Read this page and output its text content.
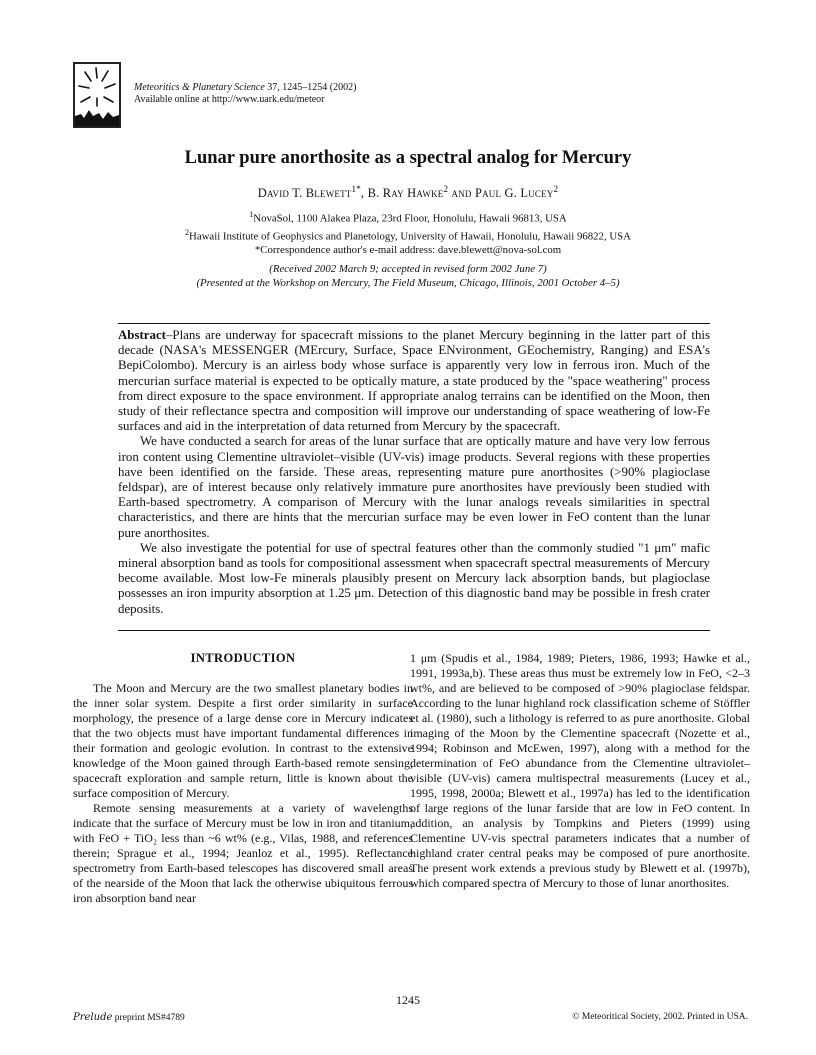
Meteoritics & Planetary Science 37, 1245–1254 (2002)
Available online at http://www.uark.edu/meteor
Lunar pure anorthosite as a spectral analog for Mercury
David T. Blewett$^{1*}$, B. Ray Hawke$^2$ and Paul G. Lucey$^2$
$^1$NovaSol, 1100 Alakea Plaza, 23rd Floor, Honolulu, Hawaii 96813, USA
$^2$Hawaii Institute of Geophysics and Planetology, University of Hawaii, Honolulu, Hawaii 96822, USA
*Correspondence author's e-mail address: dave.blewett@nova-sol.com
(Received 2002 March 9; accepted in revised form 2002 June 7)
(Presented at the Workshop on Mercury, The Field Museum, Chicago, Illinois, 2001 October 4–5)

Abstract–Plans are underway for spacecraft missions to the planet Mercury beginning in the latter part of this decade (NASA's MESSENGER (MErcury, Surface, Space ENvironment, GEochemistry, Ranging) and ESA's BepiColombo). Mercury is an airless body whose surface is apparently very low in ferrous iron. Much of the mercurian surface material is expected to be optically mature, a state produced by the "space weathering" process from direct exposure to the space environment. If appropriate analog terrains can be identified on the Moon, then study of their reflectance spectra and composition will improve our understanding of space weathering of low-Fe surfaces and aid in the interpretation of data returned from Mercury by the spacecraft.

We have conducted a search for areas of the lunar surface that are optically mature and have very low ferrous iron content using Clementine ultraviolet–visible (UV-vis) image products. Several regions with these properties have been identified on the farside. These areas, representing mature pure anorthosites (>90% plagioclase feldspar), are of interest because only relatively immature pure anorthosites have previously been studied with Earth-based spectrometry. A comparison of Mercury with the lunar analogs reveals similarities in spectral characteristics, and there are hints that the mercurian surface may be even lower in FeO content than the lunar pure anorthosites.

We also investigate the potential for use of spectral features other than the commonly studied "1 μm" mafic mineral absorption band as tools for compositional assessment when spacecraft spectral measurements of Mercury become available. Most low-Fe minerals plausibly present on Mercury lack absorption bands, but plagioclase possesses an iron impurity absorption at 1.25 μm. Detection of this diagnostic band may be possible in fresh crater deposits.

INTRODUCTION

The Moon and Mercury are the two smallest planetary bodies in the inner solar system. Despite a first order similarity in surface morphology, the presence of a large dense core in Mercury indicates that the two objects must have important fundamental differences in their formation and geologic evolution. In contrast to the extensive knowledge of the Moon gained through Earth-based remote sensing, spacecraft exploration and sample return, little is known about the surface composition of Mercury.

Remote sensing measurements at a variety of wavelengths indicate that the surface of Mercury must be low in iron and titanium, with FeO + TiO₂ less than ~6 wt% (e.g., Vilas, 1988, and references therein; Sprague et al., 1994; Jeanloz et al., 1995). Reflectance spectrometry from Earth-based telescopes has discovered small areas of the nearside of the Moon that lack the otherwise ubiquitous ferrous iron absorption band near

1 μm (Spudis et al., 1984, 1989; Pieters, 1986, 1993; Hawke et al., 1991, 1993a,b). These areas thus must be extremely low in FeO, <2–3 wt%, and are believed to be composed of >90% plagioclase feldspar. According to the lunar highland rock classification scheme of Stöffler et al. (1980), such a lithology is referred to as pure anorthosite. Global imaging of the Moon by the Clementine spacecraft (Nozette et al., 1994; Robinson and McEwen, 1997), along with a method for the determination of FeO abundance from the Clementine ultraviolet–visible (UV-vis) camera multispectral measurements (Lucey et al., 1995, 1998, 2000a; Blewett et al., 1997a) has led to the identification of large regions of the lunar farside that are low in FeO content. In addition, an analysis by Tompkins and Pieters (1999) using Clementine UV-vis spectral parameters indicates that a number of highland crater central peaks may be composed of pure anorthosite. The present work extends a previous study by Blewett et al. (1997b), which compared spectra of Mercury to those of lunar anorthosites.

1245
Prelude preprint MS#4789	© Meteoritical Society, 2002. Printed in USA.
